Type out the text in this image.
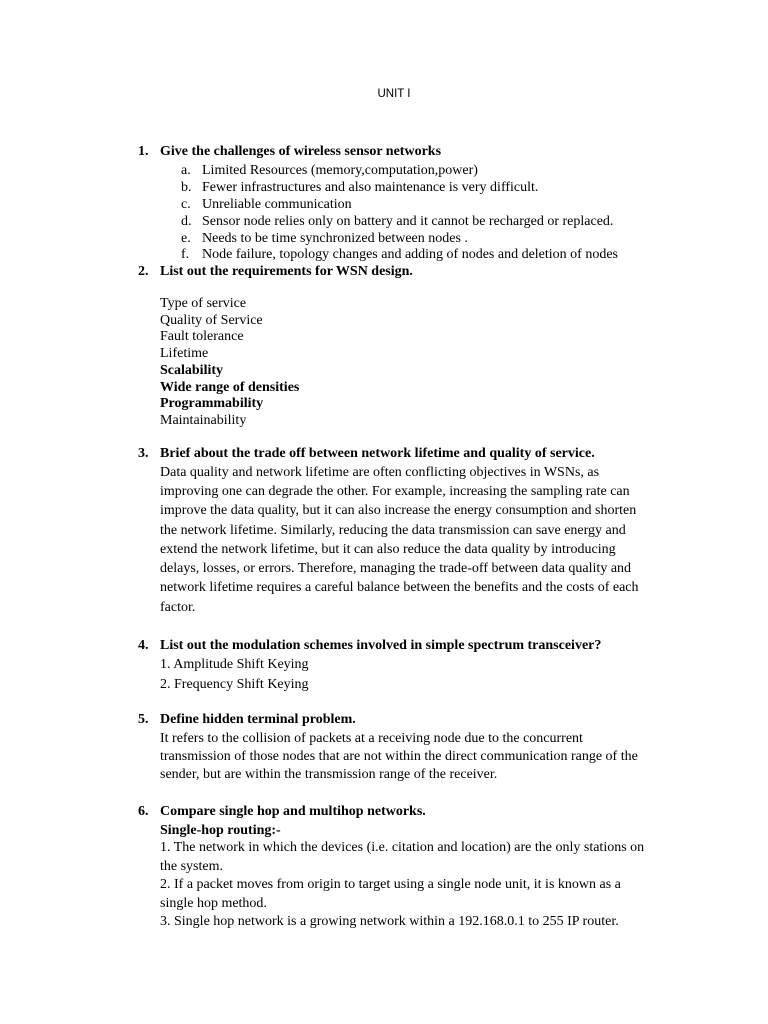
UNIT I
1. Give the challenges of wireless sensor networks
a. Limited Resources (memory,computation,power)
b. Fewer infrastructures and also maintenance is very difficult.
c. Unreliable communication
d. Sensor node relies only on battery and it cannot be recharged or replaced.
e. Needs to be time synchronized between nodes .
f. Node failure, topology changes and adding of nodes and deletion of nodes
2. List out the requirements for WSN design.
Type of service
Quality of Service
Fault tolerance
Lifetime
Scalability
Wide range of densities
Programmability
Maintainability
3. Brief about the trade off between network lifetime and quality of service.
Data quality and network lifetime are often conflicting objectives in WSNs, as
improving one can degrade the other. For example, increasing the sampling rate can
improve the data quality, but it can also increase the energy consumption and shorten
the network lifetime. Similarly, reducing the data transmission can save energy and
extend the network lifetime, but it can also reduce the data quality by introducing
delays, losses, or errors. Therefore, managing the trade-off between data quality and
network lifetime requires a careful balance between the benefits and the costs of each
factor.
4. List out the modulation schemes involved in simple spectrum transceiver?
1. Amplitude Shift Keying
2. Frequency Shift Keying
5. Define hidden terminal problem.
It refers to the collision of packets at a receiving node due to the concurrent
transmission of those nodes that are not within the direct communication range of the
sender, but are within the transmission range of the receiver.
6. Compare single hop and multihop networks.
Single-hop routing:-
1. The network in which the devices (i.e. citation and location) are the only stations on
the system.
2. If a packet moves from origin to target using a single node unit, it is known as a
single hop method.
3. Single hop network is a growing network within a 192.168.0.1 to 255 IP router.
